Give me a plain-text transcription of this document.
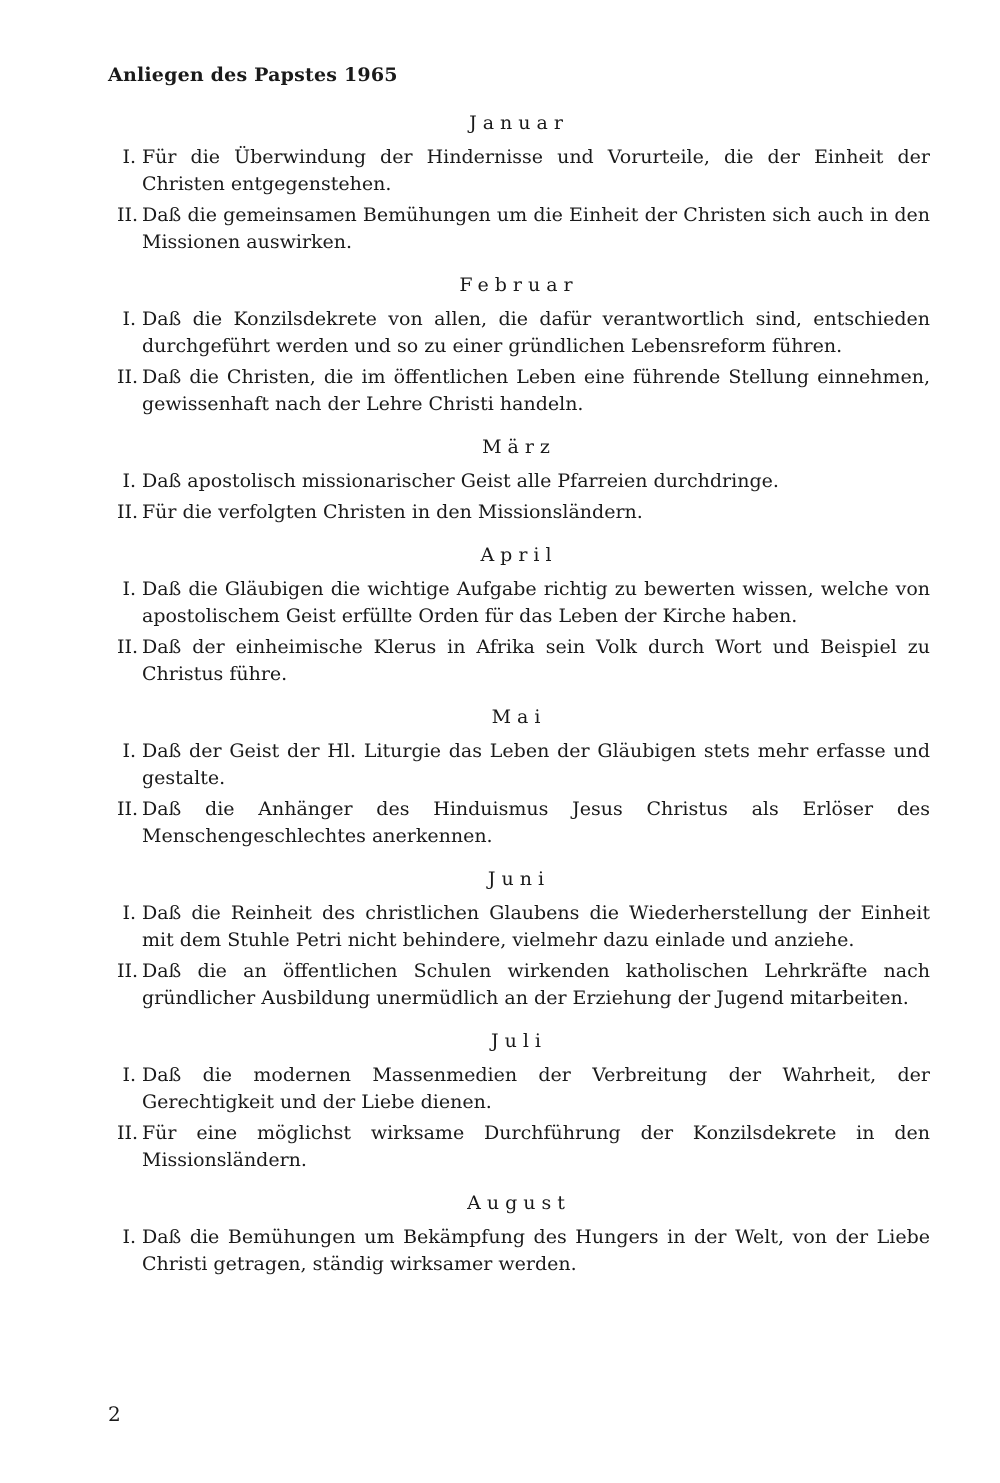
Anliegen des Papstes 1965
Januar
I. Für die Überwindung der Hindernisse und Vorurteile, die der Einheit der Christen entgegenstehen.
II. Daß die gemeinsamen Bemühungen um die Einheit der Christen sich auch in den Missionen auswirken.
Februar
I. Daß die Konzilsdekrete von allen, die dafür verantwortlich sind, entschieden durchgeführt werden und so zu einer gründlichen Lebensreform führen.
II. Daß die Christen, die im öffentlichen Leben eine führende Stellung einnehmen, gewissenhaft nach der Lehre Christi handeln.
März
I. Daß apostolisch missionarischer Geist alle Pfarreien durchdringe.
II. Für die verfolgten Christen in den Missionsländern.
April
I. Daß die Gläubigen die wichtige Aufgabe richtig zu bewerten wissen, welche von apostolischem Geist erfüllte Orden für das Leben der Kirche haben.
II. Daß der einheimische Klerus in Afrika sein Volk durch Wort und Beispiel zu Christus führe.
Mai
I. Daß der Geist der Hl. Liturgie das Leben der Gläubigen stets mehr erfasse und gestalte.
II. Daß die Anhänger des Hinduismus Jesus Christus als Erlöser des Menschengeschlechtes anerkennen.
Juni
I. Daß die Reinheit des christlichen Glaubens die Wiederherstellung der Einheit mit dem Stuhle Petri nicht behindere, vielmehr dazu einlade und anziehe.
II. Daß die an öffentlichen Schulen wirkenden katholischen Lehrkräfte nach gründlicher Ausbildung unermüdlich an der Erziehung der Jugend mitarbeiten.
Juli
I. Daß die modernen Massenmedien der Verbreitung der Wahrheit, der Gerechtigkeit und der Liebe dienen.
II. Für eine möglichst wirksame Durchführung der Konzilsdekrete in den Missionsländern.
August
I. Daß die Bemühungen um Bekämpfung des Hungers in der Welt, von der Liebe Christi getragen, ständig wirksamer werden.
2
